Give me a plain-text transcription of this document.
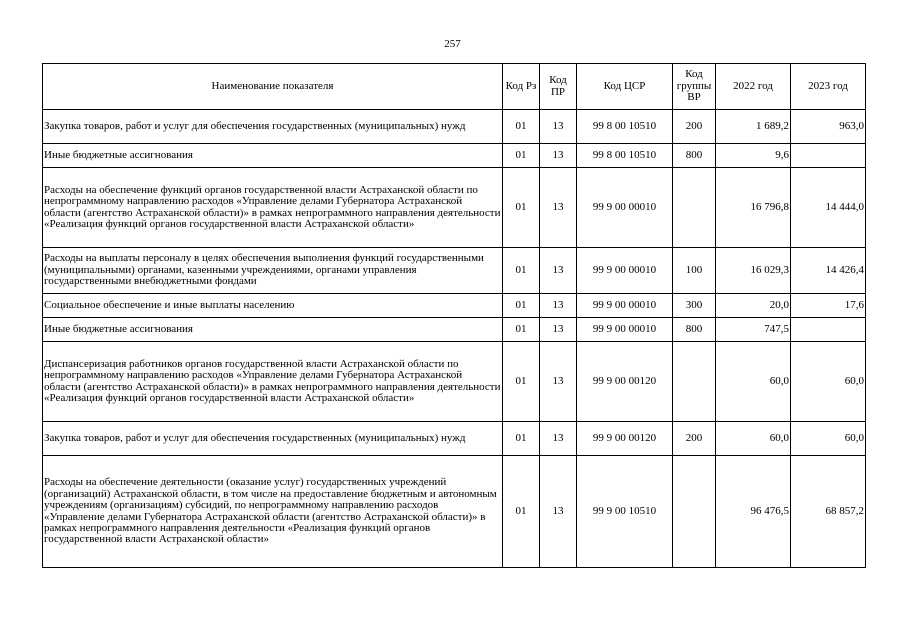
257
Наименование показателя	Код Рз	Код ПР	Код ЦСР	Код группы ВР	2022 год	2023 год
Закупка товаров, работ и услуг для обеспечения государственных (муниципальных) нужд	01	13	99 8 00 10510	200	1 689,2	963,0
Иные бюджетные ассигнования	01	13	99 8 00 10510	800	9,6	
Расходы на обеспечение функций органов государственной власти Астраханской области по непрограммному направлению расходов «Управление делами Губернатора Астраханской области (агентство Астраханской области)» в рамках непрограммного направления деятельности «Реализация функций органов государственной власти Астраханской области»	01	13	99 9 00 00010		16 796,8	14 444,0
Расходы на выплаты персоналу в целях обеспечения выполнения функций государственными (муниципальными) органами, казенными учреждениями, органами управления государственными внебюджетными фондами	01	13	99 9 00 00010	100	16 029,3	14 426,4
Социальное обеспечение и иные выплаты населению	01	13	99 9 00 00010	300	20,0	17,6
Иные бюджетные ассигнования	01	13	99 9 00 00010	800	747,5	
Диспансеризация работников органов государственной власти Астраханской области по непрограммному направлению расходов «Управление делами Губернатора Астраханской области (агентство Астраханской области)» в рамках непрограммного направления деятельности «Реализация функций органов государственной власти Астраханской области»	01	13	99 9 00 00120		60,0	60,0
Закупка товаров, работ и услуг для обеспечения государственных (муниципальных) нужд	01	13	99 9 00 00120	200	60,0	60,0
Расходы на обеспечение деятельности (оказание услуг) государственных учреждений (организаций) Астраханской области, в том числе на предоставление бюджетным и автономным учреждениям (организациям) субсидий, по непрограммному направлению расходов «Управление делами Губернатора Астраханской области (агентство Астраханской области)» в рамках непрограммного направления деятельности «Реализация функций органов государственной власти Астраханской области»	01	13	99 9 00 10510		96 476,5	68 857,2
